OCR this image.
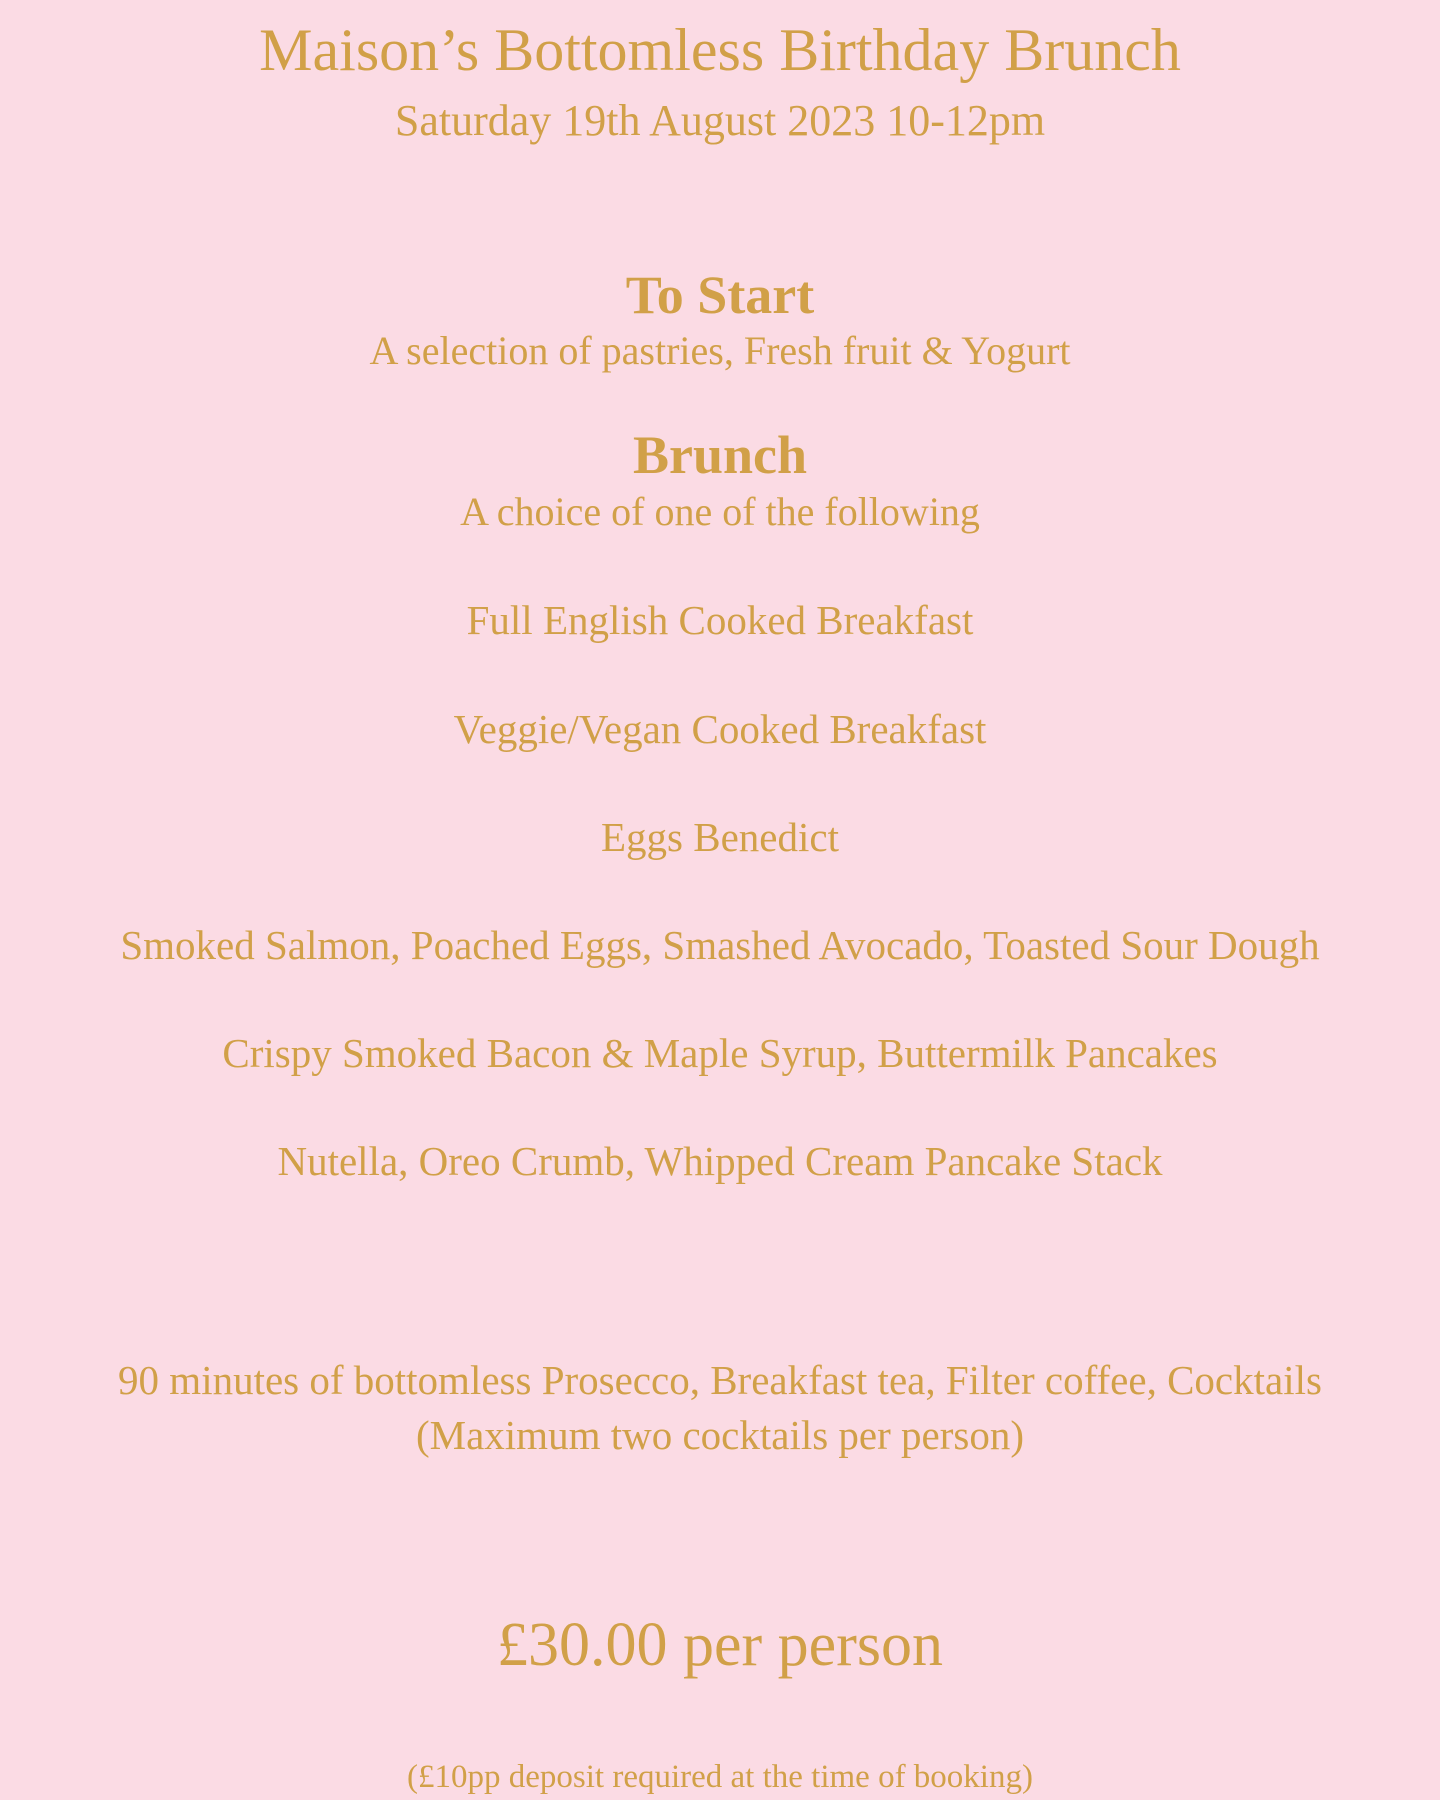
Maison’s Bottomless Birthday Brunch
Saturday 19th August 2023 10-12pm
To Start
A selection of pastries, Fresh fruit & Yogurt
Brunch
A choice of one of the following
Full English Cooked Breakfast
Veggie/Vegan Cooked Breakfast
Eggs Benedict
Smoked Salmon, Poached Eggs, Smashed Avocado, Toasted Sour Dough
Crispy Smoked Bacon & Maple Syrup, Buttermilk Pancakes
Nutella, Oreo Crumb, Whipped Cream Pancake Stack
90 minutes of bottomless Prosecco, Breakfast tea, Filter coffee, Cocktails
(Maximum two cocktails per person)
£30.00 per person
(£10pp deposit required at the time of booking)
